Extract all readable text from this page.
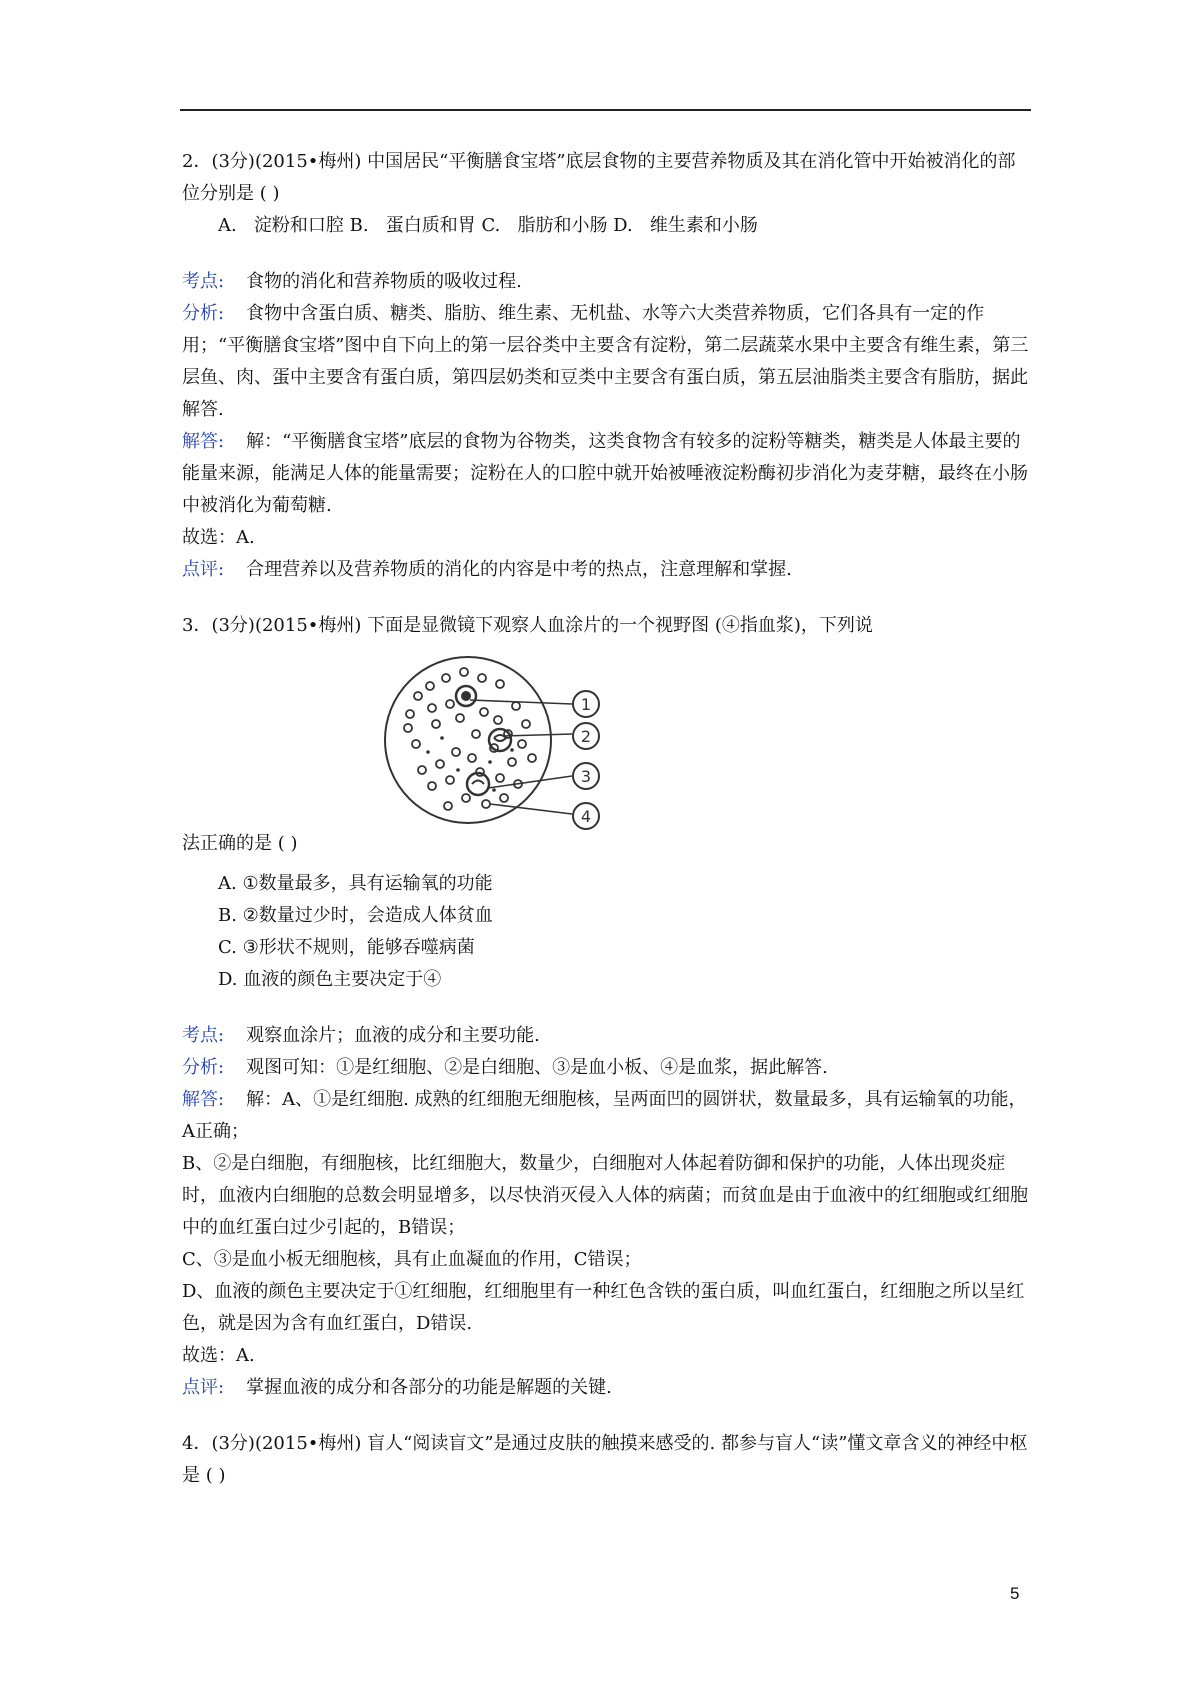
2．(3分)(2015•梅州) 中国居民“平衡膳食宝塔”底层食物的主要营养物质及其在消化管中开始被消化的部位分别是 ( )

A.   淀粉和口腔 B.   蛋白质和胃 C.   脂肪和小肠 D.   维生素和小肠

考点: 食物的消化和营养物质的吸收过程.

分析: 食物中含蛋白质、糖类、脂肪、维生素、无机盐、水等六大类营养物质，它们各具有一定的作用；“平衡膳食宝塔”图中自下向上的第一层谷类中主要含有淀粉，第二层蔬菜水果中主要含有维生素，第三层鱼、肉、蛋中主要含有蛋白质，第四层奶类和豆类中主要含有蛋白质，第五层油脂类主要含有脂肪，据此解答.

解答: 解：“平衡膳食宝塔”底层的食物为谷物类，这类食物含有较多的淀粉等糖类，糖类是人体最主要的能量来源，能满足人体的能量需要；淀粉在人的口腔中就开始被唾液淀粉酶初步消化为麦芽糖，最终在小肠中被消化为葡萄糖.

故选：A.

点评: 合理营养以及营养物质的消化的内容是中考的热点，注意理解和掌握.

3．(3分)(2015•梅州) 下面是显微镜下观察人血涂片的一个视野图 (④指血浆)，下列说

1
2
3
4

法正确的是 ( )

A. ①数量最多，具有运输氧的功能

B. ②数量过少时，会造成人体贫血

C. ③形状不规则，能够吞噬病菌

D. 血液的颜色主要决定于④

考点: 观察血涂片；血液的成分和主要功能.

分析: 观图可知：①是红细胞、②是白细胞、③是血小板、④是血浆，据此解答.

解答: 解：A、①是红细胞. 成熟的红细胞无细胞核，呈两面凹的圆饼状，数量最多，具有运输氧的功能，A正确；

B、②是白细胞，有细胞核，比红细胞大，数量少，白细胞对人体起着防御和保护的功能，人体出现炎症时，血液内白细胞的总数会明显增多，以尽快消灭侵入人体的病菌；而贫血是由于血液中的红细胞或红细胞中的血红蛋白过少引起的，B错误；

C、③是血小板无细胞核，具有止血凝血的作用，C错误；

D、血液的颜色主要决定于①红细胞，红细胞里有一种红色含铁的蛋白质，叫血红蛋白，红细胞之所以呈红色，就是因为含有血红蛋白，D错误.

故选：A.

点评: 掌握血液的成分和各部分的功能是解题的关键.

4．(3分)(2015•梅州) 盲人“阅读盲文”是通过皮肤的触摸来感受的. 都参与盲人“读”懂文章含义的神经中枢是 ( )

5
